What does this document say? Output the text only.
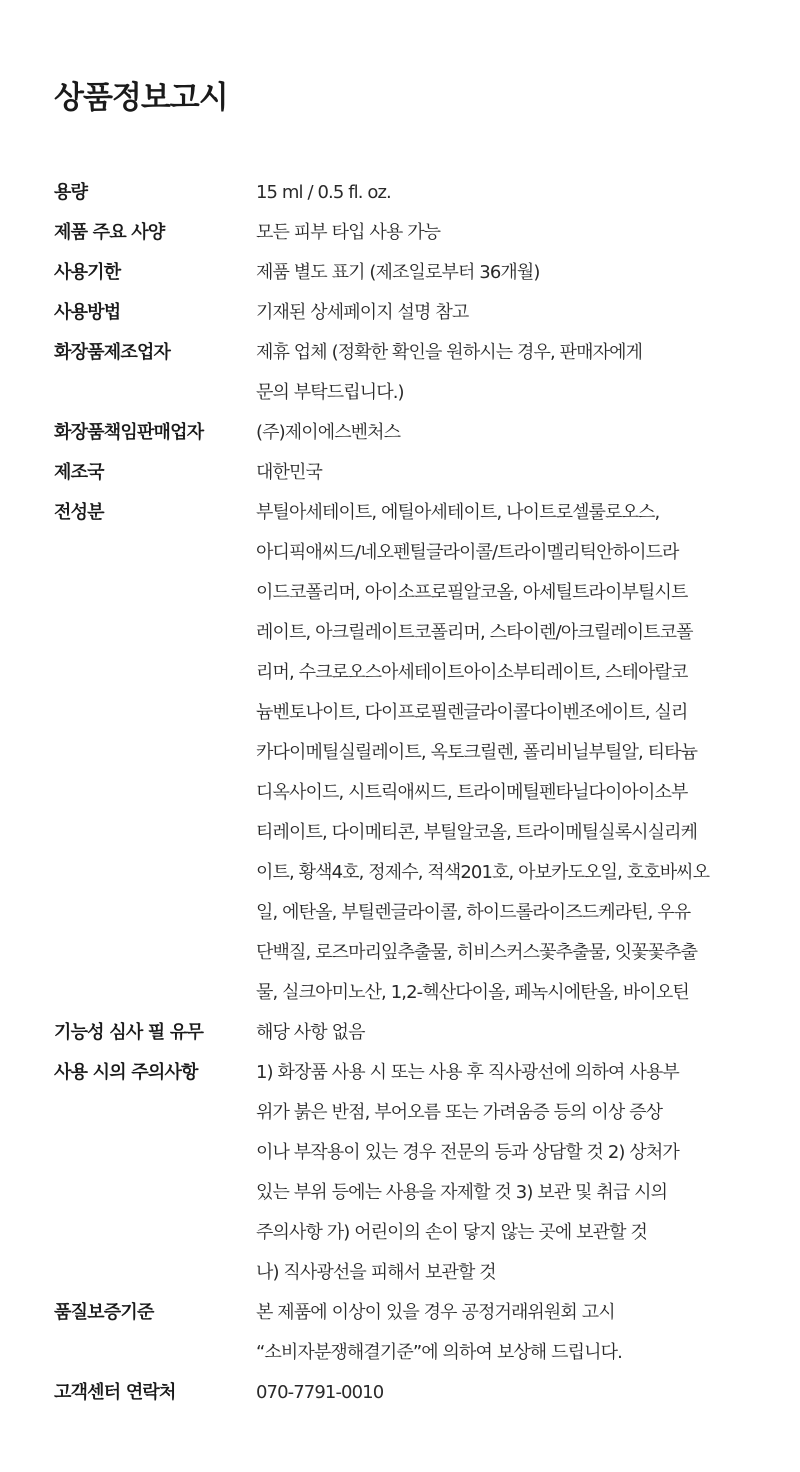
상품정보고시
용량	15 ml / 0.5 fl. oz.
제품 주요 사양	모든 피부 타입 사용 가능
사용기한	제품 별도 표기 (제조일로부터 36개월)
사용방법	기재된 상세페이지 설명 참고
화장품제조업자	제휴 업체 (정확한 확인을 원하시는 경우, 판매자에게
문의 부탁드립니다.)
화장품책임판매업자	(주)제이에스벤처스
제조국	대한민국
전성분	부틸아세테이트, 에틸아세테이트, 나이트로셀룰로오스,
아디픽애씨드/네오펜틸글라이콜/트라이멜리틱안하이드라
이드코폴리머, 아이소프로필알코올, 아세틸트라이부틸시트
레이트, 아크릴레이트코폴리머, 스타이렌/아크릴레이트코폴
리머, 수크로오스아세테이트아이소부티레이트, 스테아랄코
늄벤토나이트, 다이프로필렌글라이콜다이벤조에이트, 실리
카다이메틸실릴레이트, 옥토크릴렌, 폴리비닐부틸알, 티타늄
디옥사이드, 시트릭애씨드, 트라이메틸펜타닐다이아이소부
티레이트, 다이메티콘, 부틸알코올, 트라이메틸실록시실리케
이트, 황색4호, 정제수, 적색201호, 아보카도오일, 호호바씨오
일, 에탄올, 부틸렌글라이콜, 하이드롤라이즈드케라틴, 우유
단백질, 로즈마리잎추출물, 히비스커스꽃추출물, 잇꽃꽃추출
물, 실크아미노산, 1,2-헥산다이올, 페녹시에탄올, 바이오틴
기능성 심사 필 유무	해당 사항 없음
사용 시의 주의사항	1) 화장품 사용 시 또는 사용 후 직사광선에 의하여 사용부
위가 붉은 반점, 부어오름 또는 가려움증 등의 이상 증상
이나 부작용이 있는 경우 전문의 등과 상담할 것 2) 상처가
있는 부위 등에는 사용을 자제할 것 3) 보관 및 취급 시의
주의사항 가) 어린이의 손이 닿지 않는 곳에 보관할 것
나) 직사광선을 피해서 보관할 것
품질보증기준	본 제품에 이상이 있을 경우 공정거래위원회 고시
“소비자분쟁해결기준”에 의하여 보상해 드립니다.
고객센터 연락처	070-7791-0010
